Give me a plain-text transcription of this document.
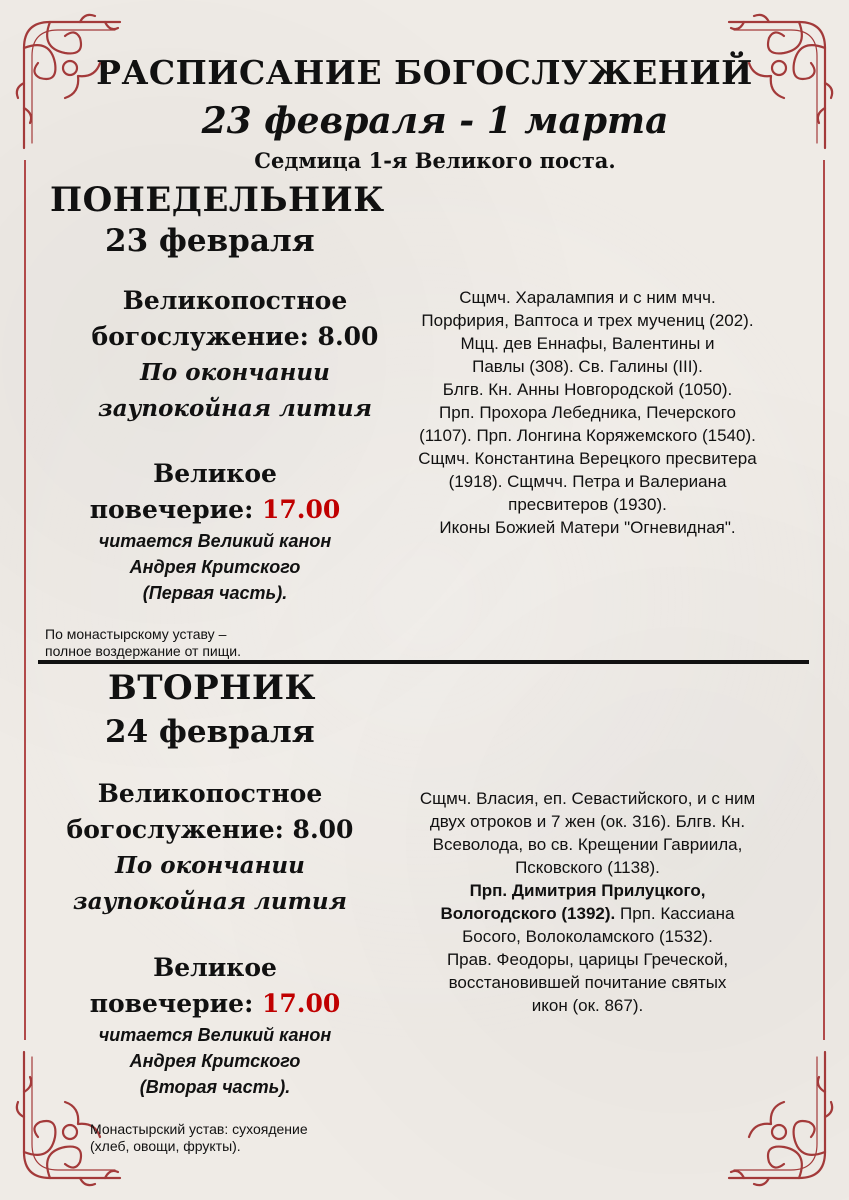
РАСПИСАНИЕ БОГОСЛУЖЕНИЙ
23 февраля - 1 марта
Седмица 1-я Великого поста.
ПОНЕДЕЛЬНИК
23 февраля
Великопостное
богослужение: 8.00
По окончании
заупокойная лития
Великое
повечерие: 17.00
читается Великий канон
Андрея Критского
(Первая часть).
По монастырскому уставу –
полное воздержание от пищи.
Сщмч. Харалампия и с ним мчч.
Порфирия, Вaптоса и трех мучениц (202).
Мцц. дев Еннафы, Валентины и
Павлы (308). Св. Галины (III).
Блгв. Кн. Анны Новгородской (1050).
Прп. Прохора Лебедника, Печерского
(1107). Прп. Лонгина Коряжемского (1540).
Сщмч. Константина Верецкого пресвитера
(1918). Сщмчч. Петра и Валериана
пресвитеров (1930).
Иконы Божией Матери "Огневидная".
ВТОРНИК
24 февраля
Великопостное
богослужение: 8.00
По окончании
заупокойная лития
Великое
повечерие: 17.00
читается Великий канон
Андрея Критского
(Вторая часть).
Монастырский устав: сухоядение
(хлеб, овощи, фрукты).
Сщмч. Власия, еп. Севастийского, и с ним
двух отроков и 7 жен (ок. 316). Блгв. Кн.
Всеволода, во св. Крещении Гавриила,
Псковского (1138).
Прп. Димитрия Прилуцкого,
Вологодского (1392). Прп. Кассиана
Босого, Волоколамского (1532).
Прав. Феодоры, царицы Греческой,
восстановившей почитание святых
икон (ок. 867).
